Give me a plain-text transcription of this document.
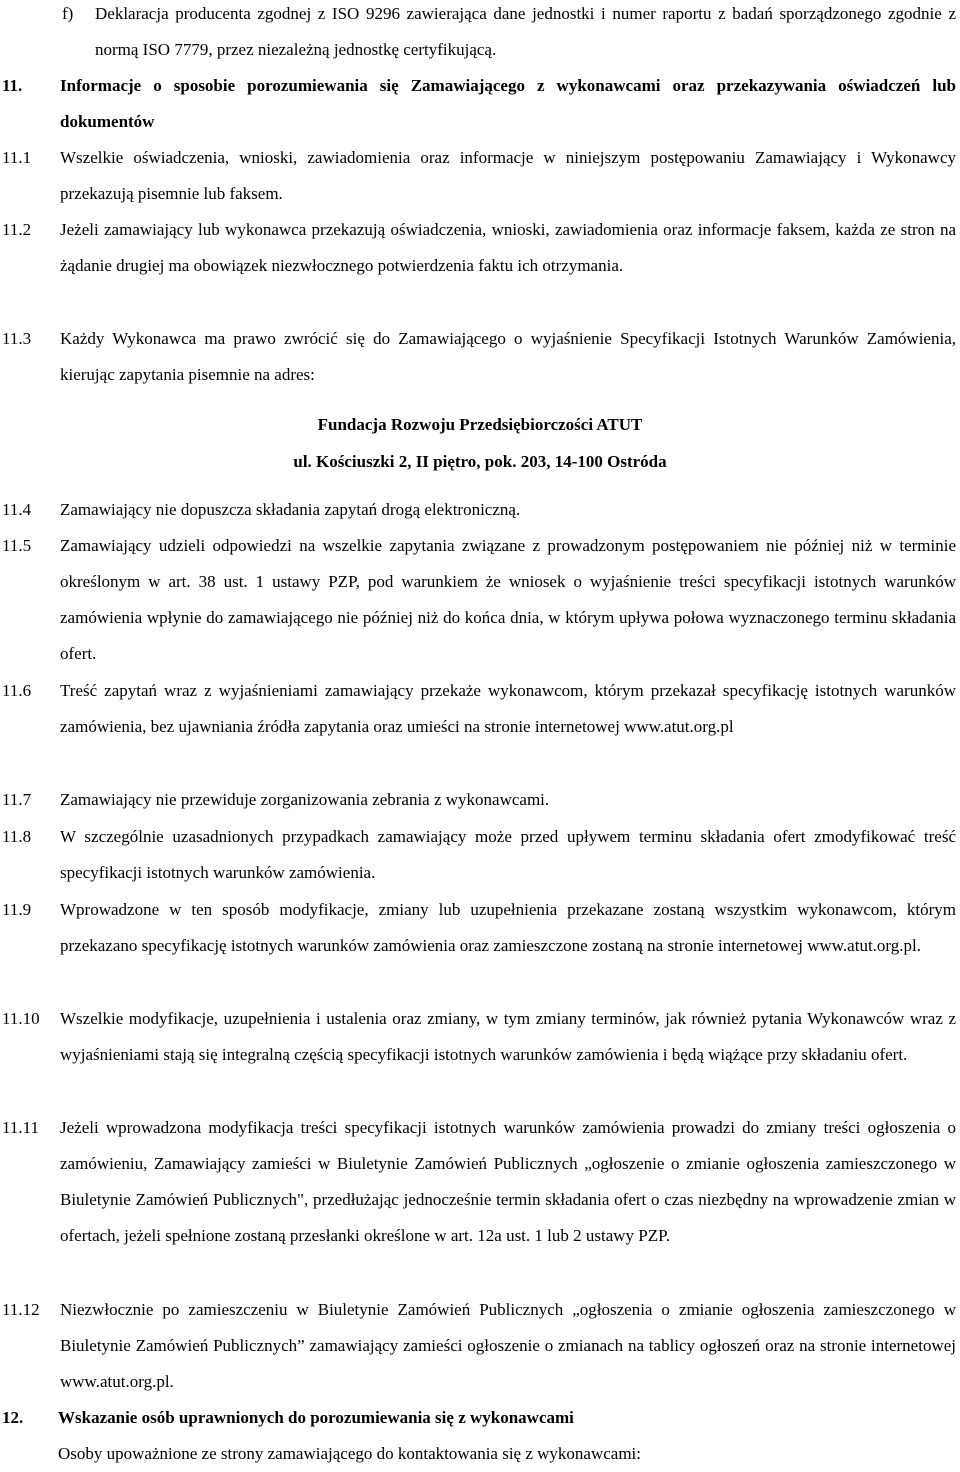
f) Deklaracja producenta zgodnej z ISO 9296 zawierająca dane jednostki i numer raportu z badań sporządzonego zgodnie z normą ISO 7779, przez niezależną jednostkę certyfikującą.
11. Informacje o sposobie porozumiewania się Zamawiającego z wykonawcami oraz przekazywania oświadczeń lub dokumentów
11.1 Wszelkie oświadczenia, wnioski, zawiadomienia oraz informacje w niniejszym postępowaniu Zamawiający i Wykonawcy przekazują pisemnie lub faksem.
11.2 Jeżeli zamawiający lub wykonawca przekazują oświadczenia, wnioski, zawiadomienia oraz informacje faksem, każda ze stron na żądanie drugiej ma obowiązek niezwłocznego potwierdzenia faktu ich otrzymania.
11.3 Każdy Wykonawca ma prawo zwrócić się do Zamawiającego o wyjaśnienie Specyfikacji Istotnych Warunków Zamówienia, kierując zapytania pisemnie na adres:
Fundacja Rozwoju Przedsiębiorczości ATUT
ul. Kościuszki 2, II piętro, pok. 203, 14-100 Ostróda
11.4 Zamawiający nie dopuszcza składania zapytań drogą elektroniczną.
11.5 Zamawiający udzieli odpowiedzi na wszelkie zapytania związane z prowadzonym postępowaniem nie później niż w terminie określonym w art. 38 ust. 1 ustawy PZP, pod warunkiem że wniosek o wyjaśnienie treści specyfikacji istotnych warunków zamówienia wpłynie do zamawiającego nie później niż do końca dnia, w którym upływa połowa wyznaczonego terminu składania ofert.
11.6 Treść zapytań wraz z wyjaśnieniami zamawiający przekaże wykonawcom, którym przekazał specyfikację istotnych warunków zamówienia, bez ujawniania źródła zapytania oraz umieści na stronie internetowej www.atut.org.pl
11.7 Zamawiający nie przewiduje zorganizowania zebrania z wykonawcami.
11.8 W szczególnie uzasadnionych przypadkach zamawiający może przed upływem terminu składania ofert zmodyfikować treść specyfikacji istotnych warunków zamówienia.
11.9 Wprowadzone w ten sposób modyfikacje, zmiany lub uzupełnienia przekazane zostaną wszystkim wykonawcom, którym przekazano specyfikację istotnych warunków zamówienia oraz zamieszczone zostaną na stronie internetowej www.atut.org.pl.
11.10 Wszelkie modyfikacje, uzupełnienia i ustalenia oraz zmiany, w tym zmiany terminów, jak również pytania Wykonawców wraz z wyjaśnieniami stają się integralną częścią specyfikacji istotnych warunków zamówienia i będą wiążące przy składaniu ofert.
11.11 Jeżeli wprowadzona modyfikacja treści specyfikacji istotnych warunków zamówienia prowadzi do zmiany treści ogłoszenia o zamówieniu, Zamawiający zamieści w Biuletynie Zamówień Publicznych „ogłoszenie o zmianie ogłoszenia zamieszczonego w Biuletynie Zamówień Publicznych", przedłużając jednocześnie termin składania ofert o czas niezbędny na wprowadzenie zmian w ofertach, jeżeli spełnione zostaną przesłanki określone w art. 12a ust. 1 lub 2 ustawy PZP.
11.12 Niezwłocznie po zamieszczeniu w Biuletynie Zamówień Publicznych „ogłoszenia o zmianie ogłoszenia zamieszczonego w Biuletynie Zamówień Publicznych” zamawiający zamieści ogłoszenie o zmianach na tablicy ogłoszeń oraz na stronie internetowej www.atut.org.pl.
12. Wskazanie osób uprawnionych do porozumiewania się z wykonawcami
Osoby upoważnione ze strony zamawiającego do kontaktowania się z wykonawcami:
